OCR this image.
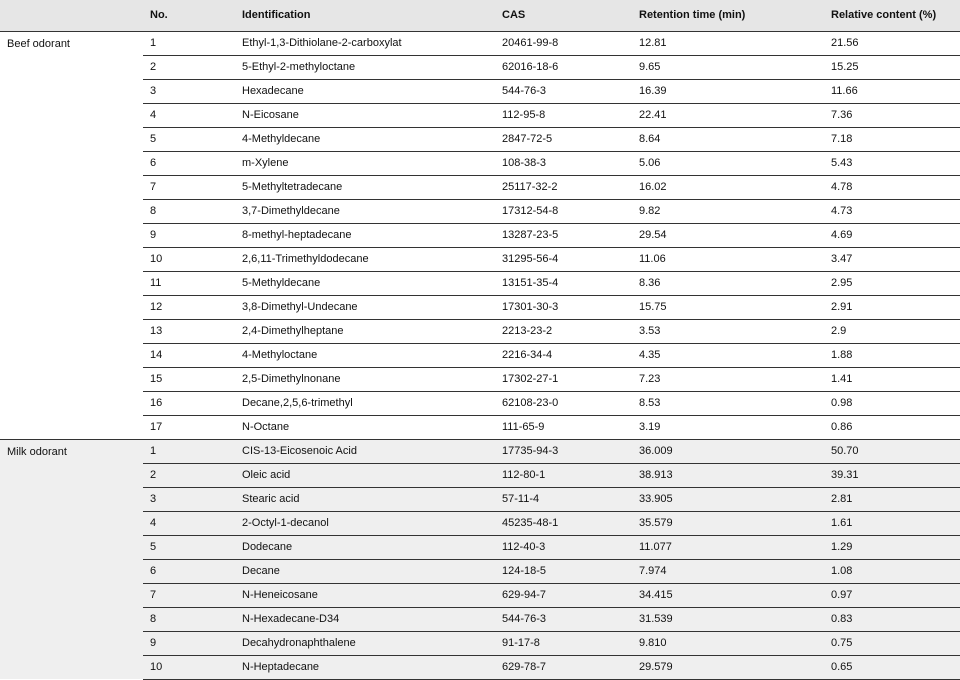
	No.	Identification	CAS	Retention time (min)	Relative content (%)
Beef odorant	1	Ethyl-1,3-Dithiolane-2-carboxylat	20461-99-8	12.81	21.56
	2	5-Ethyl-2-methyloctane	62016-18-6	9.65	15.25
	3	Hexadecane	544-76-3	16.39	11.66
	4	N-Eicosane	112-95-8	22.41	7.36
	5	4-Methyldecane	2847-72-5	8.64	7.18
	6	m-Xylene	108-38-3	5.06	5.43
	7	5-Methyltetradecane	25117-32-2	16.02	4.78
	8	3,7-Dimethyldecane	17312-54-8	9.82	4.73
	9	8-methyl-heptadecane	13287-23-5	29.54	4.69
	10	2,6,11-Trimethyldodecane	31295-56-4	11.06	3.47
	11	5-Methyldecane	13151-35-4	8.36	2.95
	12	3,8-Dimethyl-Undecane	17301-30-3	15.75	2.91
	13	2,4-Dimethylheptane	2213-23-2	3.53	2.9
	14	4-Methyloctane	2216-34-4	4.35	1.88
	15	2,5-Dimethylnonane	17302-27-1	7.23	1.41
	16	Decane,2,5,6-trimethyl	62108-23-0	8.53	0.98
	17	N-Octane	111-65-9	3.19	0.86
Milk odorant	1	CIS-13-Eicosenoic Acid	17735-94-3	36.009	50.70
	2	Oleic acid	112-80-1	38.913	39.31
	3	Stearic acid	57-11-4	33.905	2.81
	4	2-Octyl-1-decanol	45235-48-1	35.579	1.61
	5	Dodecane	112-40-3	11.077	1.29
	6	Decane	124-18-5	7.974	1.08
	7	N-Heneicosane	629-94-7	34.415	0.97
	8	N-Hexadecane-D34	544-76-3	31.539	0.83
	9	Decahydronaphthalene	91-17-8	9.810	0.75
	10	N-Heptadecane	629-78-7	29.579	0.65
